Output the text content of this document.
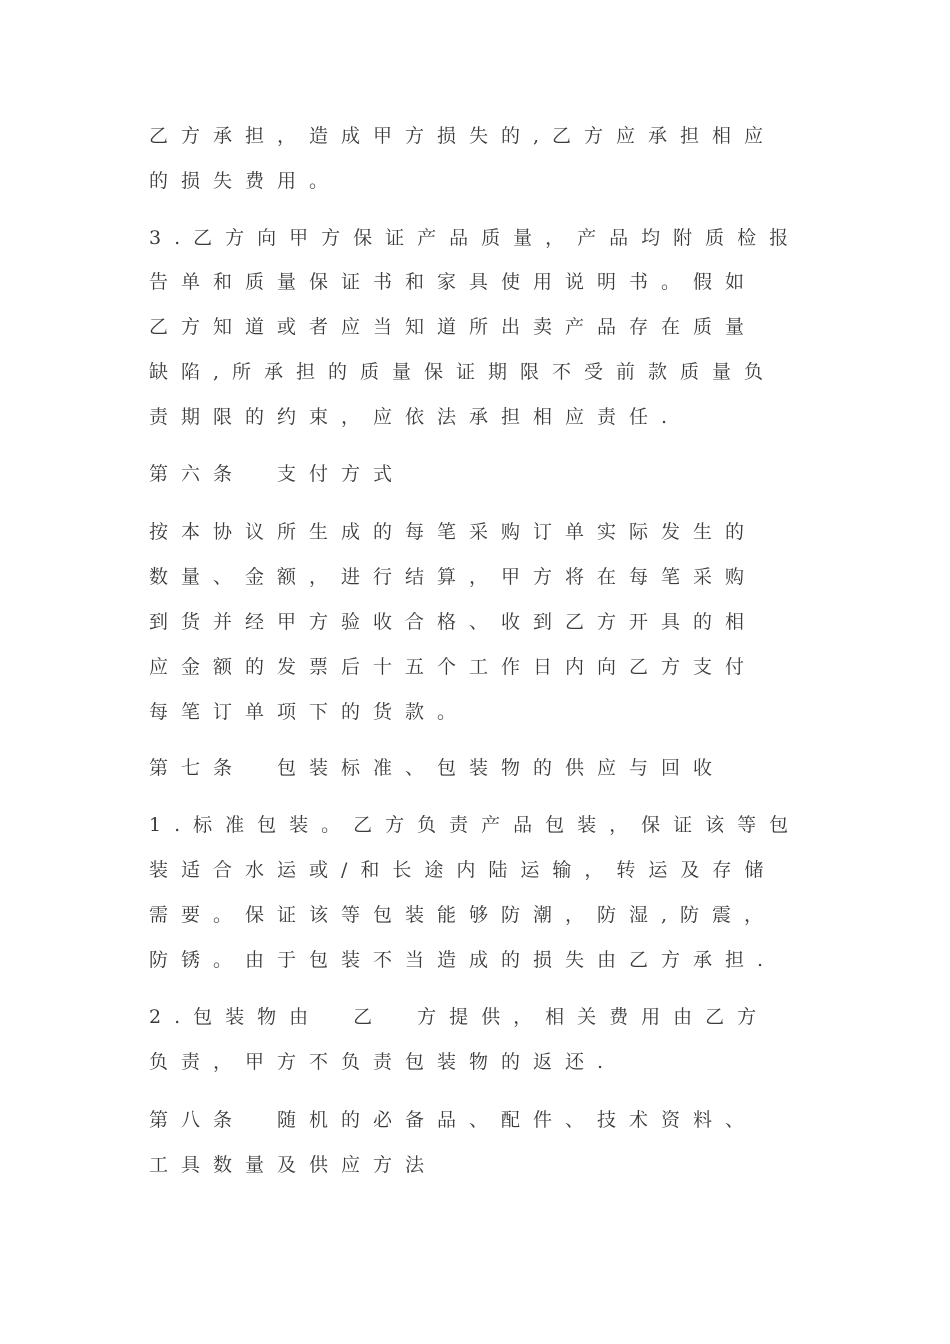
乙方承担，造成甲方损失的,乙方应承担相应
的损失费用。
3.乙方向甲方保证产品质量，产品均附质检报
告单和质量保证书和家具使用说明书。假如
乙方知道或者应当知道所出卖产品存在质量
缺陷,所承担的质量保证期限不受前款质量负
责期限的约束，应依法承担相应责任.
第六条　支付方式
按本协议所生成的每笔采购订单实际发生的
数量、金额，进行结算，甲方将在每笔采购
到货并经甲方验收合格、收到乙方开具的相
应金额的发票后十五个工作日内向乙方支付
每笔订单项下的货款。
第七条　包装标准、包装物的供应与回收
1.标准包装。乙方负责产品包装，保证该等包
装适合水运或/和长途内陆运输，转运及存储
需要。保证该等包装能够防潮，防湿,防震，
防锈。由于包装不当造成的损失由乙方承担.
2.包装物由　乙　方提供，相关费用由乙方
负责，甲方不负责包装物的返还.
第八条　随机的必备品、配件、技术资料、
工具数量及供应方法
